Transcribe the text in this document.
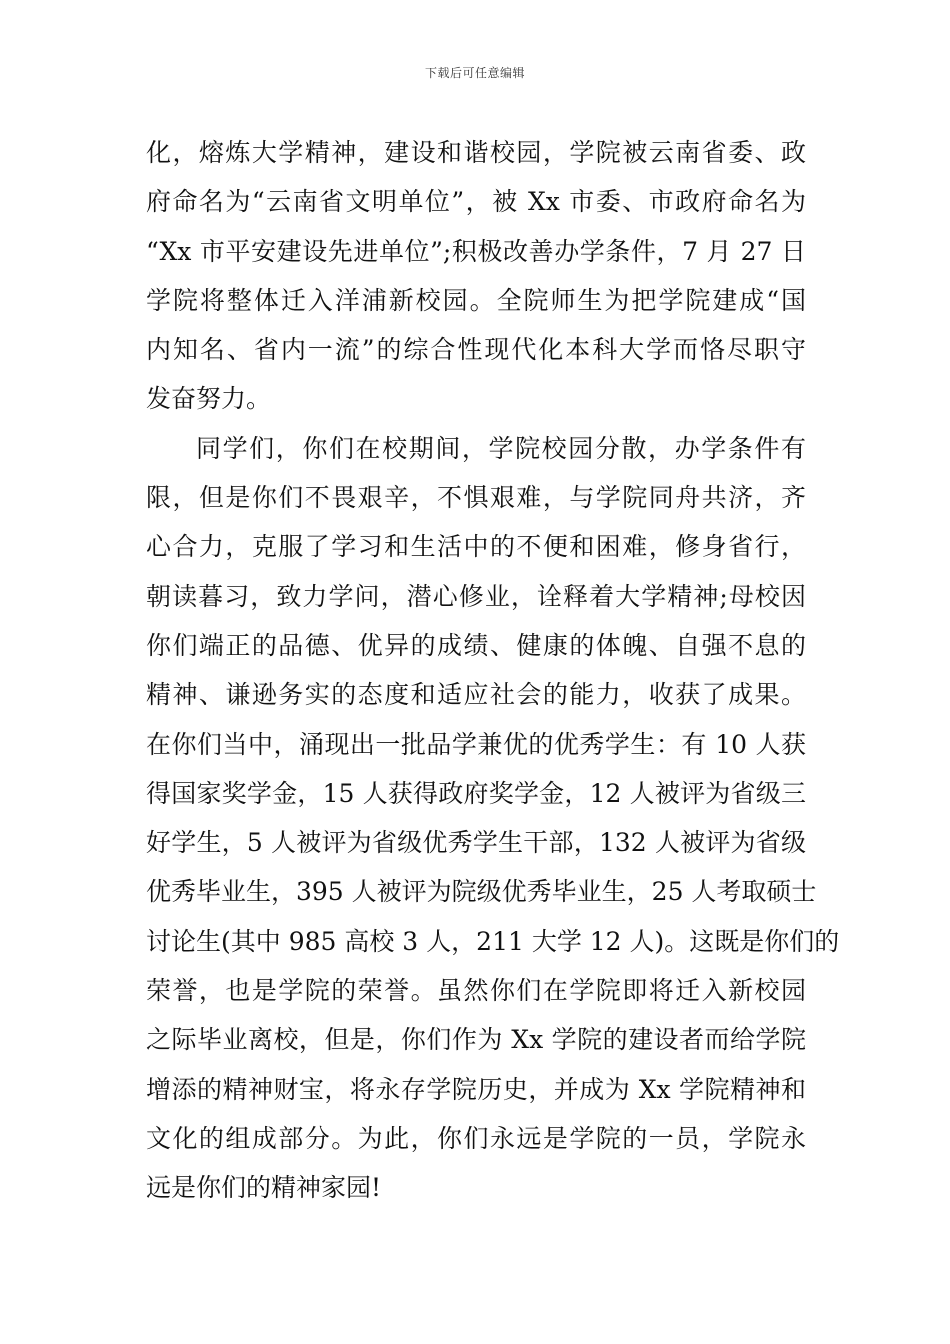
下载后可任意编辑
化，熔炼大学精神，建设和谐校园，学院被云南省委、政
府命名为“云南省文明单位”，被 Xx 市委、市政府命名为
“Xx 市平安建设先进单位”;积极改善办学条件，7 月 27 日
学院将整体迁入洋浦新校园。全院师生为把学院建成“国
内知名、省内一流”的综合性现代化本科大学而恪尽职守
发奋努力。
同学们，你们在校期间，学院校园分散，办学条件有
限，但是你们不畏艰辛，不惧艰难，与学院同舟共济，齐
心合力，克服了学习和生活中的不便和困难，修身省行，
朝读暮习，致力学问，潜心修业，诠释着大学精神;母校因
你们端正的品德、优异的成绩、健康的体魄、自强不息的
精神、谦逊务实的态度和适应社会的能力，收获了成果。
在你们当中，涌现出一批品学兼优的优秀学生：有 10 人获
得国家奖学金，15 人获得政府奖学金，12 人被评为省级三
好学生，5 人被评为省级优秀学生干部，132 人被评为省级
优秀毕业生，395 人被评为院级优秀毕业生，25 人考取硕士
讨论生(其中 985 高校 3 人，211 大学 12 人)。这既是你们的
荣誉，也是学院的荣誉。虽然你们在学院即将迁入新校园
之际毕业离校，但是，你们作为 Xx 学院的建设者而给学院
增添的精神财宝，将永存学院历史，并成为 Xx 学院精神和
文化的组成部分。为此，你们永远是学院的一员，学院永
远是你们的精神家园!
